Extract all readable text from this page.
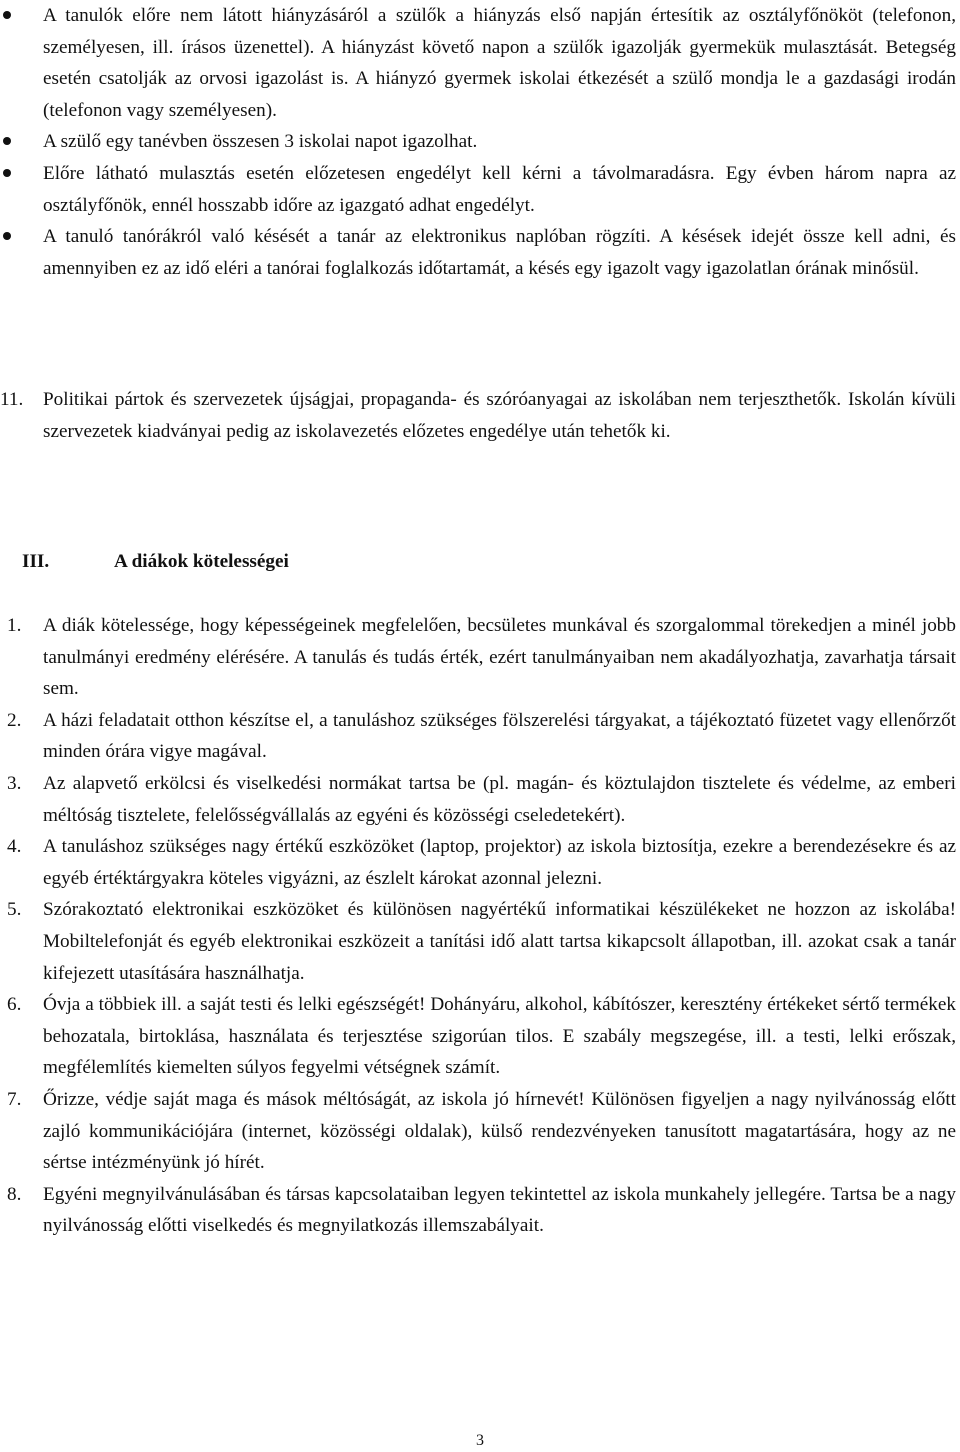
A tanulók előre nem látott hiányzásáról a szülők a hiányzás első napján értesítik az osztályfőnököt (telefonon, személyesen, ill. írásos üzenettel). A hiányzást követő napon a szülők igazolják gyermekük mulasztását. Betegség esetén csatolják az orvosi igazolást is. A hiányzó gyermek iskolai étkezését a szülő mondja le a gazdasági irodán (telefonon vagy személyesen).
A szülő egy tanévben összesen 3 iskolai napot igazolhat.
Előre látható mulasztás esetén előzetesen engedélyt kell kérni a távolmaradásra. Egy évben három napra az osztályfőnök, ennél hosszabb időre az igazgató adhat engedélyt.
A tanuló tanórákról való késését a tanár az elektronikus naplóban rögzíti. A késések idejét össze kell adni, és amennyiben ez az idő eléri a tanórai foglalkozás időtartamát, a késés egy igazolt vagy igazolatlan órának minősül.
11.	Politikai pártok és szervezetek újságjai, propaganda- és szóróanyagai az iskolában nem terjeszthetők. Iskolán kívüli szervezetek kiadványai pedig az iskolavezetés előzetes engedélye után tehetők ki.
III.	A diákok kötelességei
1. A diák kötelessége, hogy képességeinek megfelelően, becsületes munkával és szorgalommal törekedjen a minél jobb tanulmányi eredmény elérésére. A tanulás és tudás érték, ezért tanulmányaiban nem akadályozhatja, zavarhatja társait sem.
2. A házi feladatait otthon készítse el, a tanuláshoz szükséges fölszerelési tárgyakat, a tájékoztató füzetet vagy ellenőrzőt minden órára vigye magával.
3. Az alapvető erkölcsi és viselkedési normákat tartsa be (pl. magán- és köztulajdon tisztelete és védelme, az emberi méltóság tisztelete, felelősségvállalás az egyéni és közösségi cseledetekért).
4. A tanuláshoz szükséges nagy értékű eszközöket (laptop, projektor) az iskola biztosítja, ezekre a berendezésekre és az egyéb értéktárgyakra köteles vigyázni, az észlelt károkat azonnal jelezni.
5. Szórakoztató elektronikai eszközöket és különösen nagyértékű informatikai készülékeket ne hozzon az iskolába! Mobiltelefonját és egyéb elektronikai eszközeit a tanítási idő alatt tartsa kikapcsolt állapotban, ill. azokat csak a tanár kifejezett utasítására használhatja.
6. Óvja a többiek ill. a saját testi és lelki egészségét! Dohányáru, alkohol, kábítószer, keresztény értékeket sértő termékek behozatala, birtoklása, használata és terjesztése szigorúan tilos. E szabály megszegése, ill. a testi, lelki erőszak, megfélemlítés kiemelten súlyos fegyelmi vétségnek számít.
7. Őrizze, védje saját maga és mások méltóságát, az iskola jó hírnevét! Különösen figyeljen a nagy nyilvánosság előtt zajló kommunikációjára (internet, közösségi oldalak), külső rendezvényeken tanusított magatartására, hogy az ne sértse intézményünk jó hírét.
8. Egyéni megnyilvánulásában és társas kapcsolataiban legyen tekintettel az iskola munkahely jellegére. Tartsa be a nagy nyilvánosság előtti viselkedés és megnyilatkozás illemszabályait.
3
